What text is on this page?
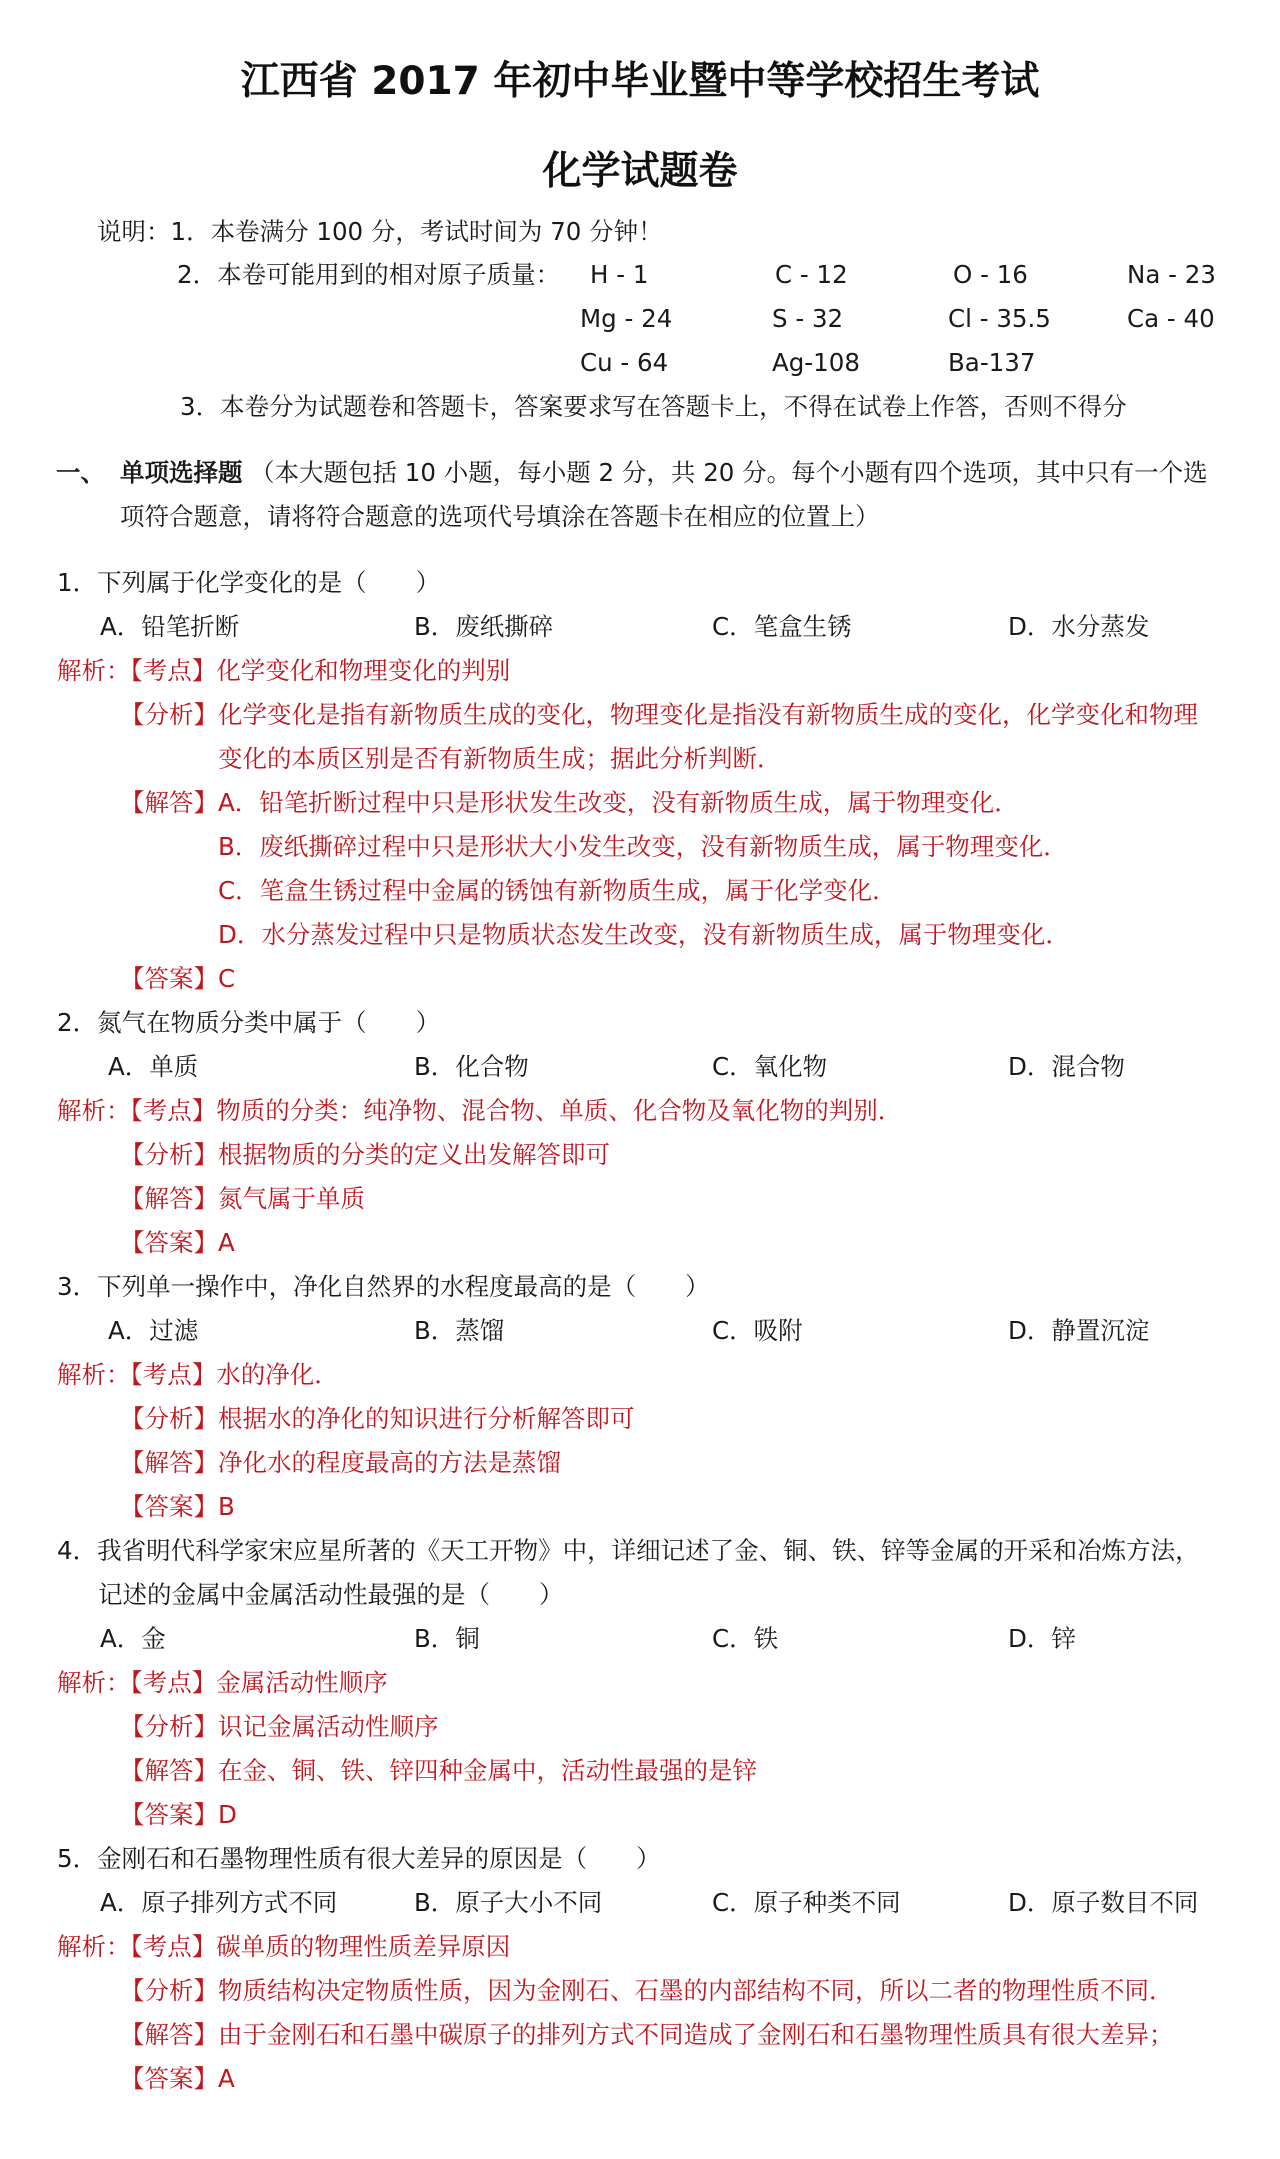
江西省 2017 年初中毕业暨中等学校招生考试
化学试题卷
说明：1．本卷满分 100 分，考试时间为 70 分钟！
2．本卷可能用到的相对原子质量： H - 1	C - 12	O - 16	Na - 23
Mg - 24	S - 32	Cl - 35.5	Ca - 40
Cu - 64	Ag-108	Ba-137
3．本卷分为试题卷和答题卡，答案要求写在答题卡上，不得在试卷上作答，否则不得分
一、 单项选择题 （本大题包括 10 小题，每小题 2 分，共 20 分。每个小题有四个选项，其中只有一个选
项符合题意，请将符合题意的选项代号填涂在答题卡在相应的位置上）
1．下列属于化学变化的是（　　）
A．铅笔折断	B．废纸撕碎	C．笔盒生锈	D．水分蒸发
解析：【考点】化学变化和物理变化的判别
【分析】化学变化是指有新物质生成的变化，物理变化是指没有新物质生成的变化，化学变化和物理
变化的本质区别是否有新物质生成；据此分析判断．
【解答】A．铅笔折断过程中只是形状发生改变，没有新物质生成，属于物理变化．
B．废纸撕碎过程中只是形状大小发生改变，没有新物质生成，属于物理变化．
C．笔盒生锈过程中金属的锈蚀有新物质生成，属于化学变化．
D．水分蒸发过程中只是物质状态发生改变，没有新物质生成，属于物理变化．
【答案】C
2．氮气在物质分类中属于（　　）
A．单质	B．化合物	C．氧化物	D．混合物
解析：【考点】物质的分类：纯净物、混合物、单质、化合物及氧化物的判别．
【分析】根据物质的分类的定义出发解答即可
【解答】氮气属于单质
【答案】A
3．下列单一操作中，净化自然界的水程度最高的是（　　）
A．过滤	B．蒸馏	C．吸附	D．静置沉淀
解析：【考点】水的净化．
【分析】根据水的净化的知识进行分析解答即可
【解答】净化水的程度最高的方法是蒸馏
【答案】B
4．我省明代科学家宋应星所著的《天工开物》中，详细记述了金、铜、铁、锌等金属的开采和冶炼方法，
记述的金属中金属活动性最强的是（　　）
A．金	B．铜	C．铁	D．锌
解析：【考点】金属活动性顺序
【分析】识记金属活动性顺序
【解答】在金、铜、铁、锌四种金属中，活动性最强的是锌
【答案】D
5．金刚石和石墨物理性质有很大差异的原因是（　　）
A．原子排列方式不同	B．原子大小不同	C．原子种类不同	D．原子数目不同
解析：【考点】碳单质的物理性质差异原因
【分析】物质结构决定物质性质，因为金刚石、石墨的内部结构不同，所以二者的物理性质不同．
【解答】由于金刚石和石墨中碳原子的排列方式不同造成了金刚石和石墨物理性质具有很大差异；
【答案】A
